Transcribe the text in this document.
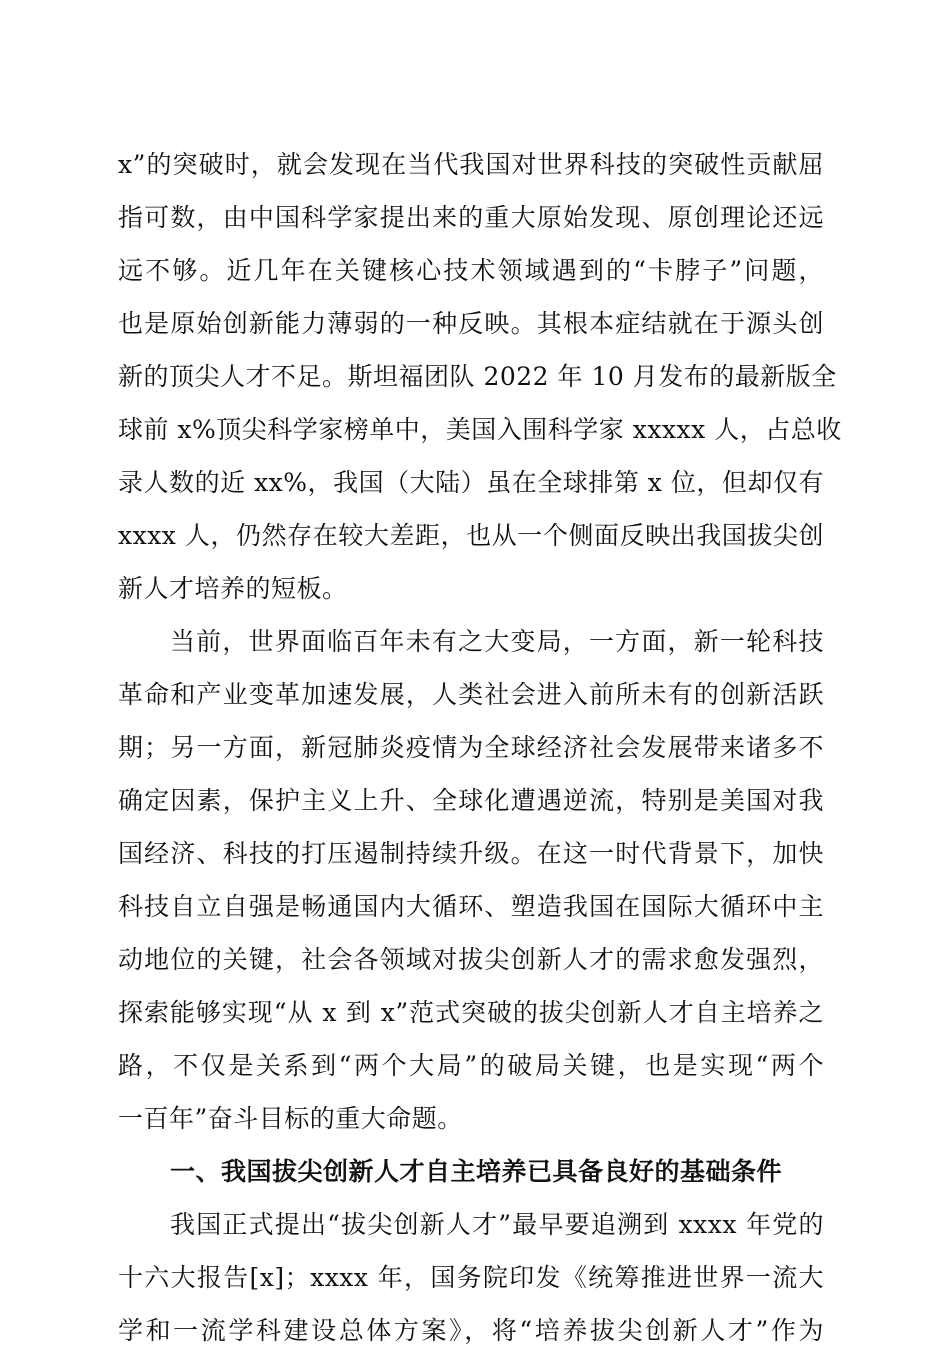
x”的突破时，就会发现在当代我国对世界科技的突破性贡献屈
指可数，由中国科学家提出来的重大原始发现、原创理论还远
远不够。近几年在关键核心技术领域遇到的“卡脖子”问题，
也是原始创新能力薄弱的一种反映。其根本症结就在于源头创
新的顶尖人才不足。斯坦福团队 2022 年 10 月发布的最新版全
球前 x%顶尖科学家榜单中，美国入围科学家 xxxxx 人，占总收
录人数的近 xx%，我国（大陆）虽在全球排第 x 位，但却仅有
xxxx 人，仍然存在较大差距，也从一个侧面反映出我国拔尖创
新人才培养的短板。
当前，世界面临百年未有之大变局，一方面，新一轮科技
革命和产业变革加速发展，人类社会进入前所未有的创新活跃
期；另一方面，新冠肺炎疫情为全球经济社会发展带来诸多不
确定因素，保护主义上升、全球化遭遇逆流，特别是美国对我
国经济、科技的打压遏制持续升级。在这一时代背景下，加快
科技自立自强是畅通国内大循环、塑造我国在国际大循环中主
动地位的关键，社会各领域对拔尖创新人才的需求愈发强烈，
探索能够实现“从 x 到 x”范式突破的拔尖创新人才自主培养之
路，不仅是关系到“两个大局”的破局关键，也是实现“两个
一百年”奋斗目标的重大命题。
一、我国拔尖创新人才自主培养已具备良好的基础条件
我国正式提出“拔尖创新人才”最早要追溯到 xxxx 年党的
十六大报告[x]；xxxx 年，国务院印发《统筹推进世界一流大
学和一流学科建设总体方案》，将“培养拔尖创新人才”作为
